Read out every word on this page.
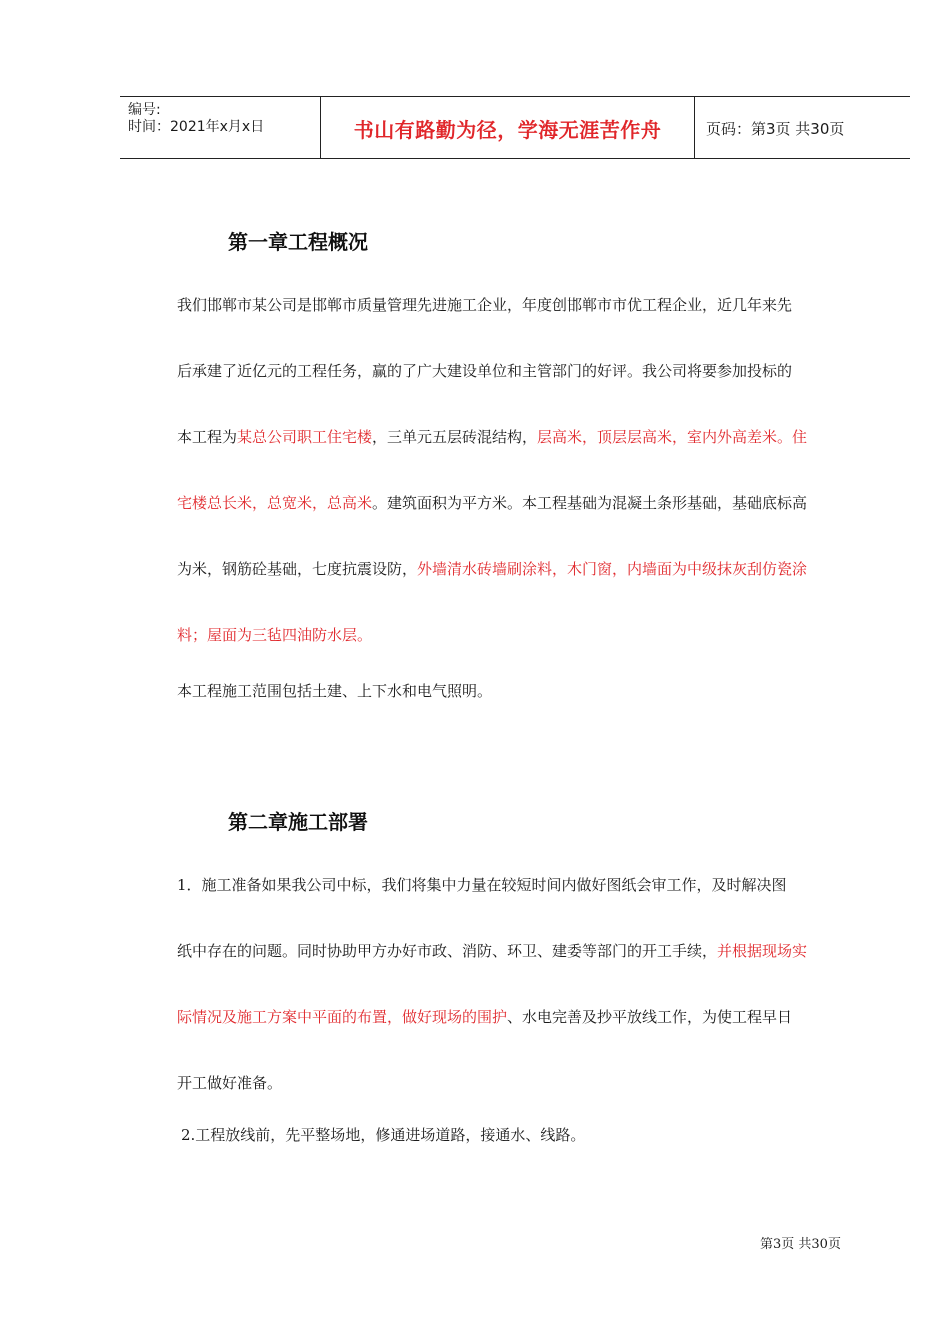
编号:
时间：2021年x月x日	书山有路勤为径，学海无涯苦作舟	页码：第3页 共30页
第一章工程概况
我们邯郸市某公司是邯郸市质量管理先进施工企业，年度创邯郸市市优工程企业，近几年来先
后承建了近亿元的工程任务，赢的了广大建设单位和主管部门的好评。我公司将要参加投标的
本工程为某总公司职工住宅楼，三单元五层砖混结构，层高米，顶层层高米，室内外高差米。住
宅楼总长米，总宽米，总高米。建筑面积为平方米。本工程基础为混凝土条形基础，基础底标高
为米，钢筋砼基础，七度抗震设防，外墙清水砖墙刷涂料，木门窗，内墙面为中级抹灰刮仿瓷涂
料；屋面为三毡四油防水层。
本工程施工范围包括土建、上下水和电气照明。
第二章施工部署
1．施工准备如果我公司中标，我们将集中力量在较短时间内做好图纸会审工作，及时解决图
纸中存在的问题。同时协助甲方办好市政、消防、环卫、建委等部门的开工手续，并根据现场实
际情况及施工方案中平面的布置，做好现场的围护、水电完善及抄平放线工作，为使工程早日
开工做好准备。
2.工程放线前，先平整场地，修通进场道路，接通水、线路。
第3页 共30页
